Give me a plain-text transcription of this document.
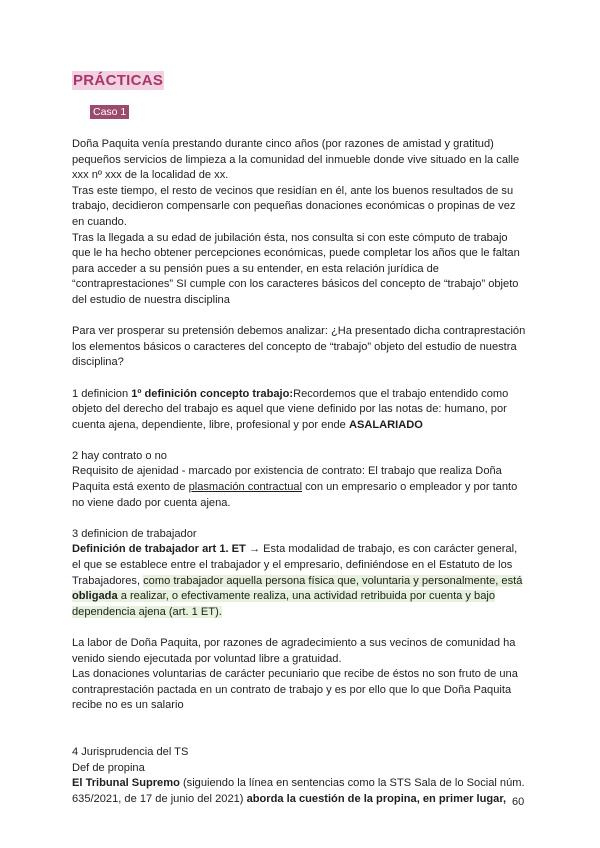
PRÁCTICAS
Caso 1

Doña Paquita venía prestando durante cinco años (por razones de amistad y gratitud)
pequeños servicios de limpieza a la comunidad del inmueble donde vive situado en la calle
xxx nº xxx de la localidad de xx.
Tras este tiempo, el resto de vecinos que residían en él, ante los buenos resultados de su
trabajo, decidieron compensarle con pequeñas donaciones económicas o propinas de vez
en cuando.
Tras la llegada a su edad de jubilación ésta, nos consulta si con este cómputo de trabajo
que le ha hecho obtener percepciones económicas, puede completar los años que le faltan
para acceder a su pensión pues a su entender, en esta relación jurídica de
“contraprestaciones” SI cumple con los caracteres básicos del concepto de “trabajo” objeto
del estudio de nuestra disciplina

Para ver prosperar su pretensión debemos analizar: ¿Ha presentado dicha contraprestación
los elementos básicos o caracteres del concepto de “trabajo” objeto del estudio de nuestra
disciplina?

1 definicion 1º definición concepto trabajo:Recordemos que el trabajo entendido como
objeto del derecho del trabajo es aquel que viene definido por las notas de: humano, por
cuenta ajena, dependiente, libre, profesional y por ende ASALARIADO

2 hay contrato o no
Requisito de ajenidad - marcado por existencia de contrato: El trabajo que realiza Doña
Paquita está exento de plasmación contractual con un empresario o empleador y por tanto
no viene dado por cuenta ajena.

3 definicion de trabajador
Definición de trabajador art 1. ET → Esta modalidad de trabajo, es con carácter general,
el que se establece entre el trabajador y el empresario, definiéndose en el Estatuto de los
Trabajadores, como trabajador aquella persona física que, voluntaria y personalmente, está
obligada a realizar, o efectivamente realiza, una actividad retribuida por cuenta y bajo
dependencia ajena (art. 1 ET).

La labor de Doña Paquita, por razones de agradecimiento a sus vecinos de comunidad ha
venido siendo ejecutada por voluntad libre a gratuidad.
Las donaciones voluntarias de carácter pecuniario que recibe de éstos no son fruto de una
contraprestación pactada en un contrato de trabajo y es por ello que lo que Doña Paquita
recibe no es un salario

4 Jurisprudencia del TS
Def de propina
El Tribunal Supremo (siguiendo la línea en sentencias como la STS Sala de lo Social núm.
635/2021, de 17 de junio del 2021) aborda la cuestión de la propina, en primer lugar, 60
